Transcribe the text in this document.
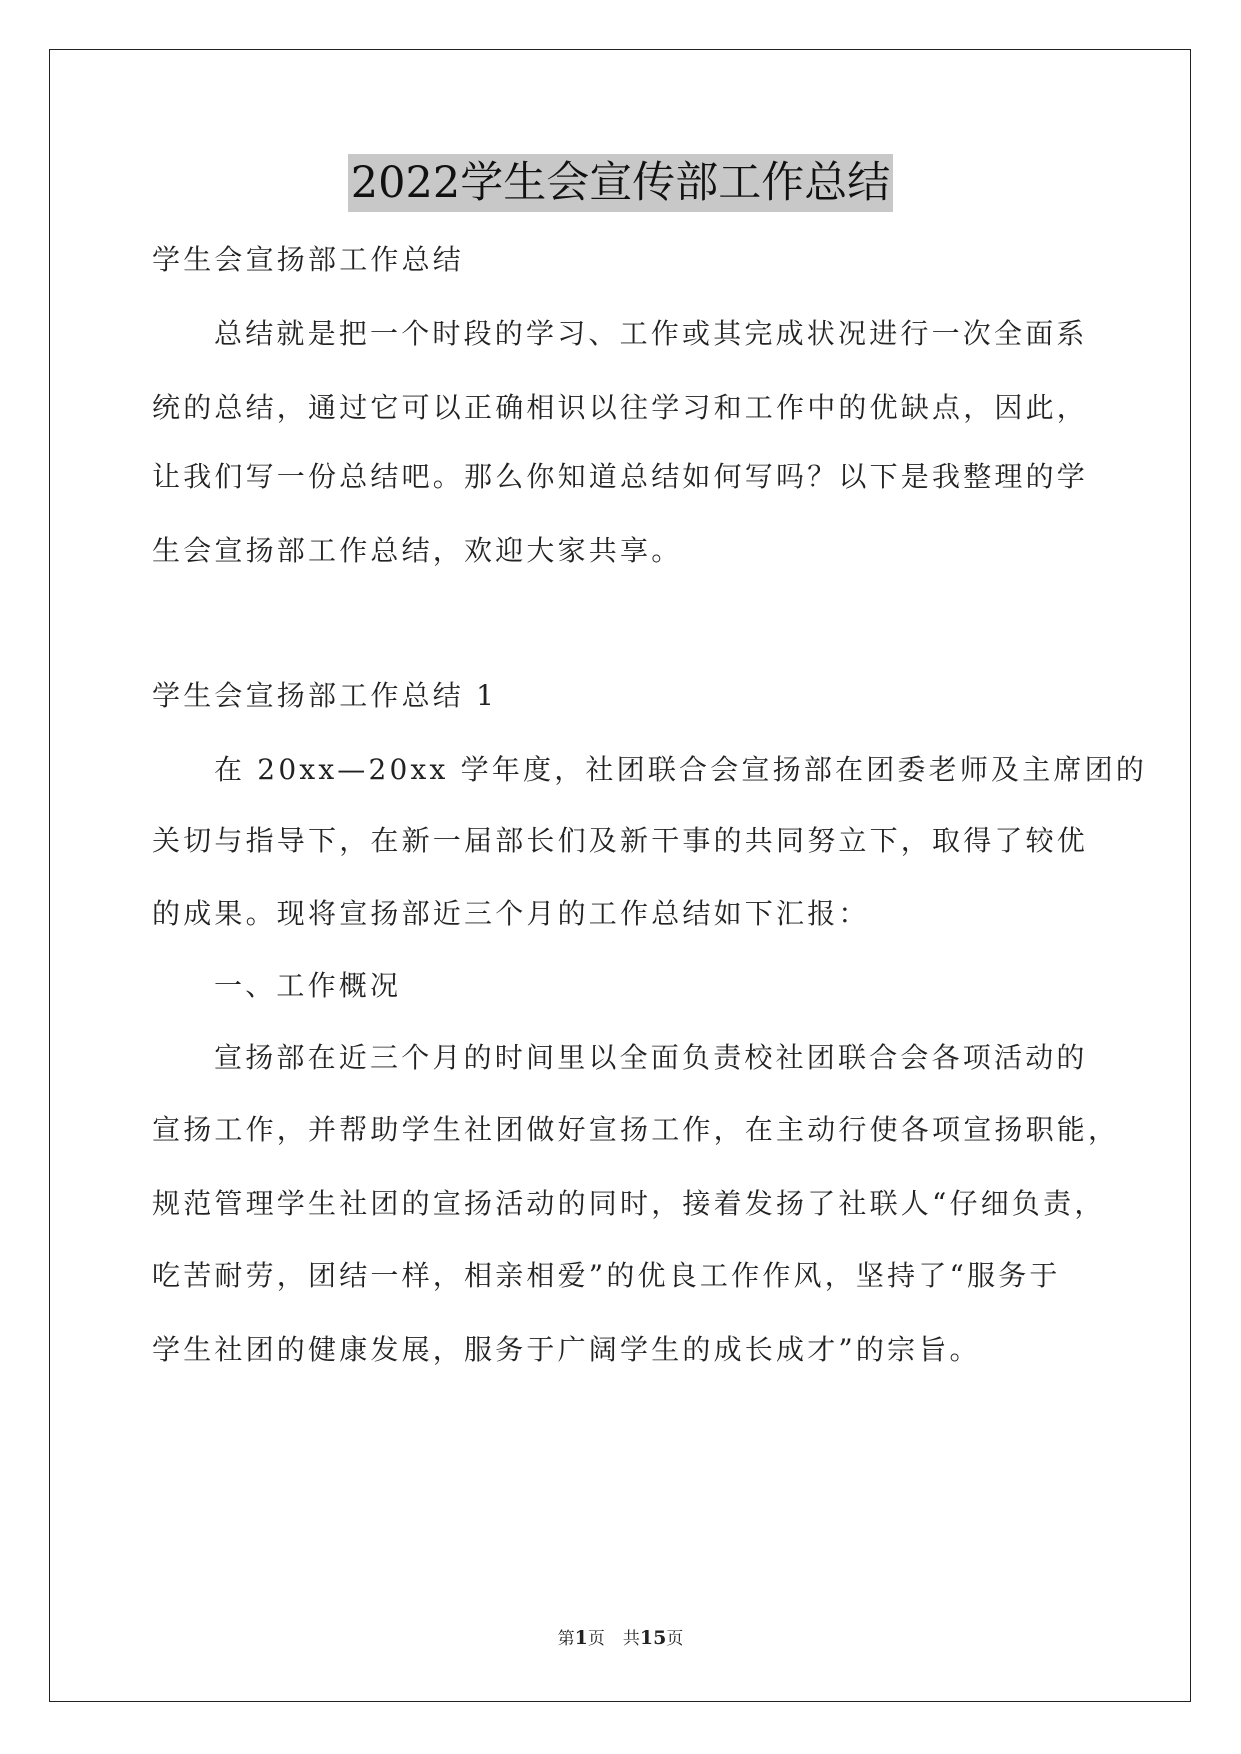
2022学生会宣传部工作总结
学生会宣扬部工作总结
总结就是把一个时段的学习、工作或其完成状况进行一次全面系
统的总结，通过它可以正确相识以往学习和工作中的优缺点，因此，
让我们写一份总结吧。那么你知道总结如何写吗？以下是我整理的学
生会宣扬部工作总结，欢迎大家共享。
学生会宣扬部工作总结 1
在 20xx—20xx 学年度，社团联合会宣扬部在团委老师及主席团的
关切与指导下，在新一届部长们及新干事的共同努立下，取得了较优
的成果。现将宣扬部近三个月的工作总结如下汇报：
一、工作概况
宣扬部在近三个月的时间里以全面负责校社团联合会各项活动的
宣扬工作，并帮助学生社团做好宣扬工作，在主动行使各项宣扬职能，
规范管理学生社团的宣扬活动的同时，接着发扬了社联人“仔细负责，
吃苦耐劳，团结一样，相亲相爱”的优良工作作风，坚持了“服务于
学生社团的健康发展，服务于广阔学生的成长成才”的宗旨。
第1页 共15页
